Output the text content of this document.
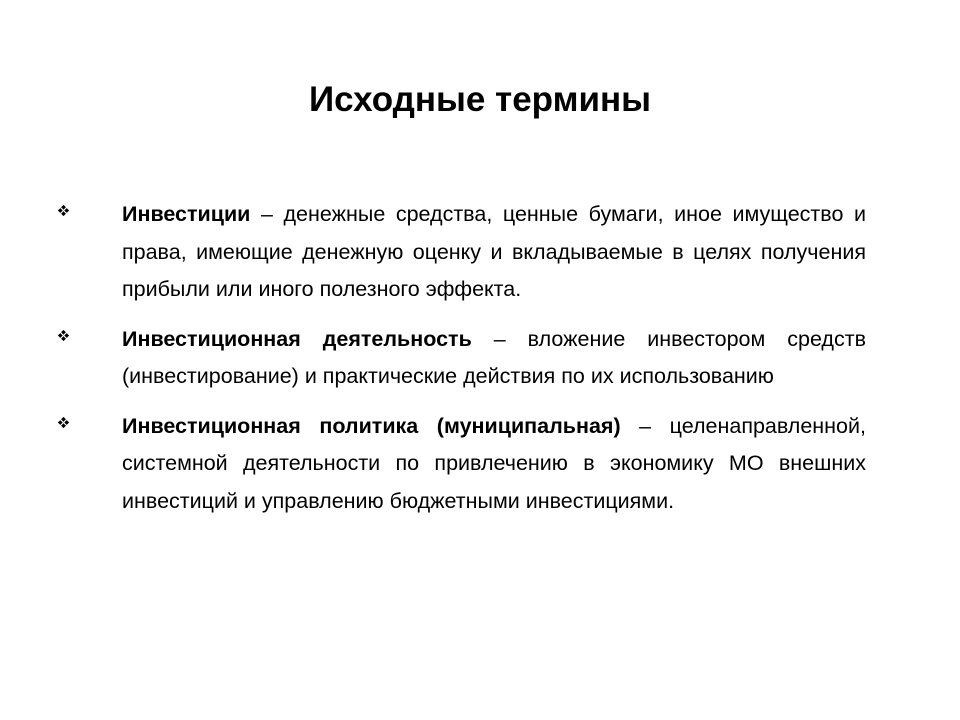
Исходные термины
Инвестиции – денежные средства, ценные бумаги, иное имущество и права, имеющие денежную оценку и вкладываемые в целях получения прибыли или иного полезного эффекта.
Инвестиционная деятельность – вложение инвестором средств (инвестирование) и практические действия по их использованию
Инвестиционная политика (муниципальная) – целенаправленной, системной деятельности по привлечению в экономику МО внешних инвестиций и управлению бюджетными инвестициями.
